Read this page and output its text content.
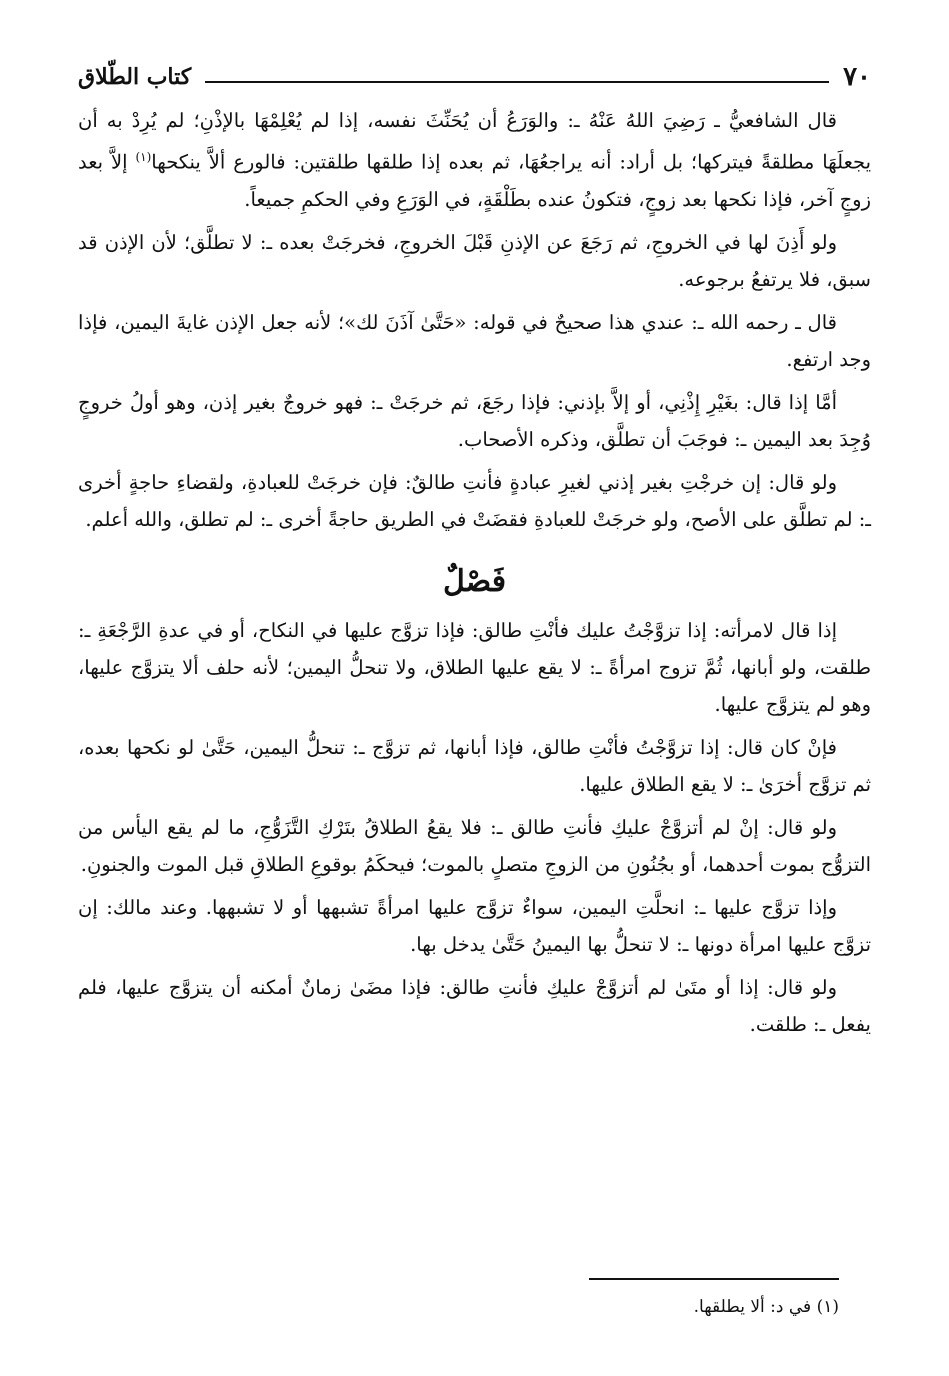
٧٠
كتاب الطّلاق

قال الشافعيُّ ـ رَضِيَ اللهُ عَنْهُ ـ: والوَرَعُ أن يُحَنِّثَ نفسه، إذا لم يُعْلِمْهَا بالإذْنِ؛ لم يُرِدْ به أن يجعلَهَا مطلقةً فيتركها؛ بل أراد: أنه يراجعُهَا، ثم بعده إذا طلقها طلقتين: فالورع ألاَّ ينكحها$^{(١)}$ إلاَّ بعد زوجٍ آخر، فإذا نكحها بعد زوجٍ، فتكونُ عنده بطَلْقَةٍ، في الوَرَعِ وفي الحكمِ جميعاً.

ولو أَذِنَ لها في الخروجِ، ثم رَجَعَ عن الإذنِ قَبْلَ الخروجِ، فخرجَتْ بعده ـ: لا تطلَّق؛ لأن الإذن قد سبق، فلا يرتفعُ برجوعه.

قال ـ رحمه الله ـ: عندي هذا صحيحٌ في قوله: «حَتَّىٰ آذَنَ لك»؛ لأنه جعل الإذن غايةَ اليمين، فإذا وجد ارتفع.

أمَّا إذا قال: بغَيْرِ إِذْنِي، أو إلاَّ بإذني: فإذا رجَعَ، ثم خرجَتْ ـ: فهو خروجٌ بغير إذن، وهو أولُ خروجٍ وُجِدَ بعد اليمين ـ: فوجَبَ أن تطلَّق، وذكره الأصحاب.

ولو قال: إن خرجْتِ بغير إذني لغيرِ عبادةٍ فأنتِ طالقٌ: فإن خرجَتْ للعبادةِ، ولقضاءِ حاجةٍ أخرى ـ: لم تطلَّق على الأصح، ولو خرجَتْ للعبادةِ فقضَتْ في الطريق حاجةً أخرى ـ: لم تطلق، والله أعلم.

فَصْلٌ

إذا قال لامرأته: إذا تزوَّجْتُ عليك فأنْتِ طالق: فإذا تزوَّج عليها في النكاح، أو في عدةِ الرَّجْعَةِ ـ: طلقت، ولو أبانها، ثُمَّ تزوج امرأةً ـ: لا يقع عليها الطلاق، ولا تنحلُّ اليمين؛ لأنه حلف ألا يتزوَّج عليها، وهو لم يتزوَّج عليها.

فإنْ كان قال: إذا تزوَّجْتُ فأنْتِ طالق، فإذا أبانها، ثم تزوَّج ـ: تنحلُّ اليمين، حَتَّىٰ لو نكحها بعده، ثم تزوَّج أخرَىٰ ـ: لا يقع الطلاق عليها.

ولو قال: إنْ لم أتزوَّجْ عليكِ فأنتِ طالق ـ: فلا يقعُ الطلاقُ بتَرْكِ التَّزَوُّجِ، ما لم يقع اليأس من التزوُّج بموت أحدهما، أو بجُنُونِ من الزوجِ متصلٍ بالموت؛ فيحكَمُ بوقوعِ الطلاقِ قبل الموت والجنونِ.

وإذا تزوَّج عليها ـ: انحلَّتِ اليمين، سواءٌ تزوَّج عليها امرأةً تشبهها أو لا تشبهها. وعند مالك: إن تزوَّج عليها امرأة دونها ـ: لا تنحلُّ بها اليمينُ حَتَّىٰ يدخل بها.

ولو قال: إذا أو متَىٰ لم أتزوَّجْ عليكِ فأنتِ طالق: فإذا مضَىٰ زمانٌ أمكنه أن يتزوَّج عليها، فلم يفعل ـ: طلقت.

(١) في د: ألا يطلقها.
